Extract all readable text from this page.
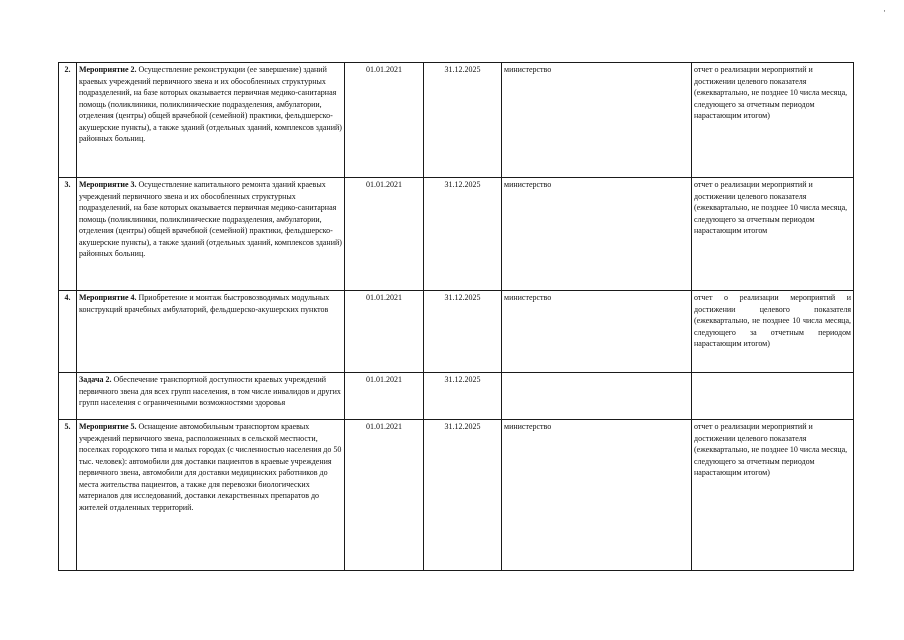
·
2.	Мероприятие 2. Осуществление реконструкции (ее завершение) зданий краевых учреждений первичного звена и их обособленных структурных подразделений, на базе которых оказывается первичная медико-санитарная помощь (поликлиники, поликлинические подразделения, амбулатории, отделения (центры) общей врачебной (семейной) практики, фельдшерско-акушерские пункты), а также зданий (отдельных зданий, комплексов зданий) районных больниц.	01.01.2021	31.12.2025	министерство	отчет о реализации мероприятий и достижении целевого показателя (ежеквартально, не позднее 10 числа месяца, следующего за отчетным периодом нарастающим итогом)
3.	Мероприятие 3. Осуществление капитального ремонта зданий краевых учреждений первичного звена и их обособленных структурных подразделений, на базе которых оказывается первичная медико-санитарная помощь (поликлиники, поликлинические подразделения, амбулатории, отделения (центры) общей врачебной (семейной) практики, фельдшерско-акушерские пункты), а также зданий (отдельных зданий, комплексов зданий) районных больниц.	01.01.2021	31.12.2025	министерство	отчет о реализации мероприятий и достижении целевого показателя (ежеквартально, не позднее 10 числа месяца, следующего за отчетным периодом нарастающим итогом
4.	Мероприятие 4. Приобретение и монтаж быстровозводимых модульных конструкций врачебных амбулаторий, фельдшерско-акушерских пунктов	01.01.2021	31.12.2025	министерство	отчет о реализации мероприятий и достижении целевого показателя (ежеквартально, не позднее 10 числа месяца, следующего за отчетным периодом нарастающим итогом)
	Задача 2. Обеспечение транспортной доступности краевых учреждений первичного звена для всех групп населения, в том числе инвалидов и других групп населения с ограниченными возможностями здоровья	01.01.2021	31.12.2025		
5.	Мероприятие 5. Оснащение автомобильным транспортом краевых учреждений первичного звена, расположенных в сельской местности, поселках городского типа и малых городах (с численностью населения до 50 тыс. человек): автомобили для доставки пациентов в краевые учреждения первичного звена, автомобили для доставки медицинских работников до места жительства пациентов, а также для перевозки биологических материалов для исследований, доставки лекарственных препаратов до жителей отдаленных территорий.	01.01.2021	31.12.2025	министерство	отчет о реализации мероприятий и достижении целевого показателя (ежеквартально, не позднее 10 числа месяца, следующего за отчетным периодом нарастающим итогом)
